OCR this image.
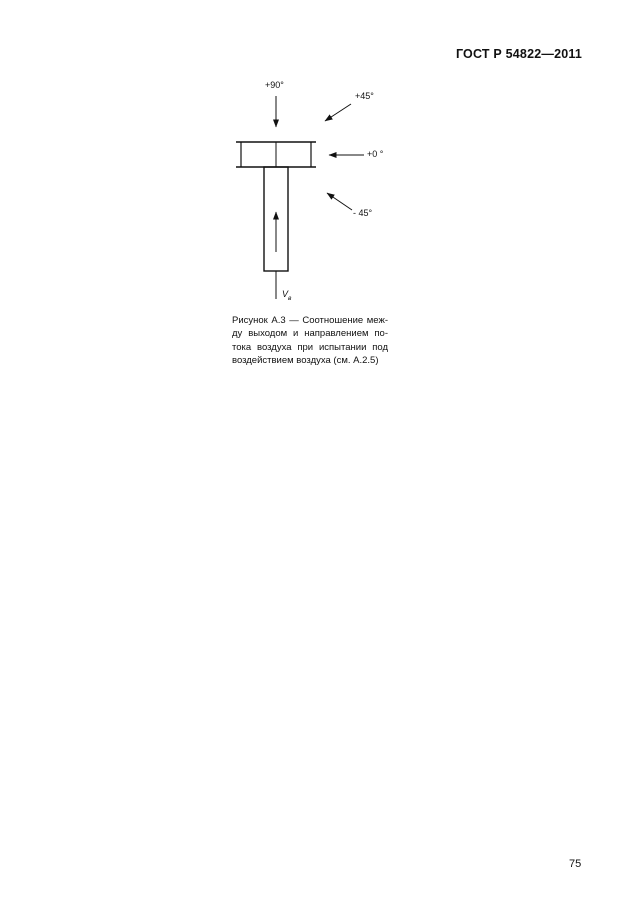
ГОСТ Р 54822—2011
+90°
+45°
+0 °
- 45°
$V_в$
Рисунок А.3 — Соотношение меж-
ду выходом и направлением по-
тока воздуха при испытании под
воздействием воздуха (см. А.2.5)
75
